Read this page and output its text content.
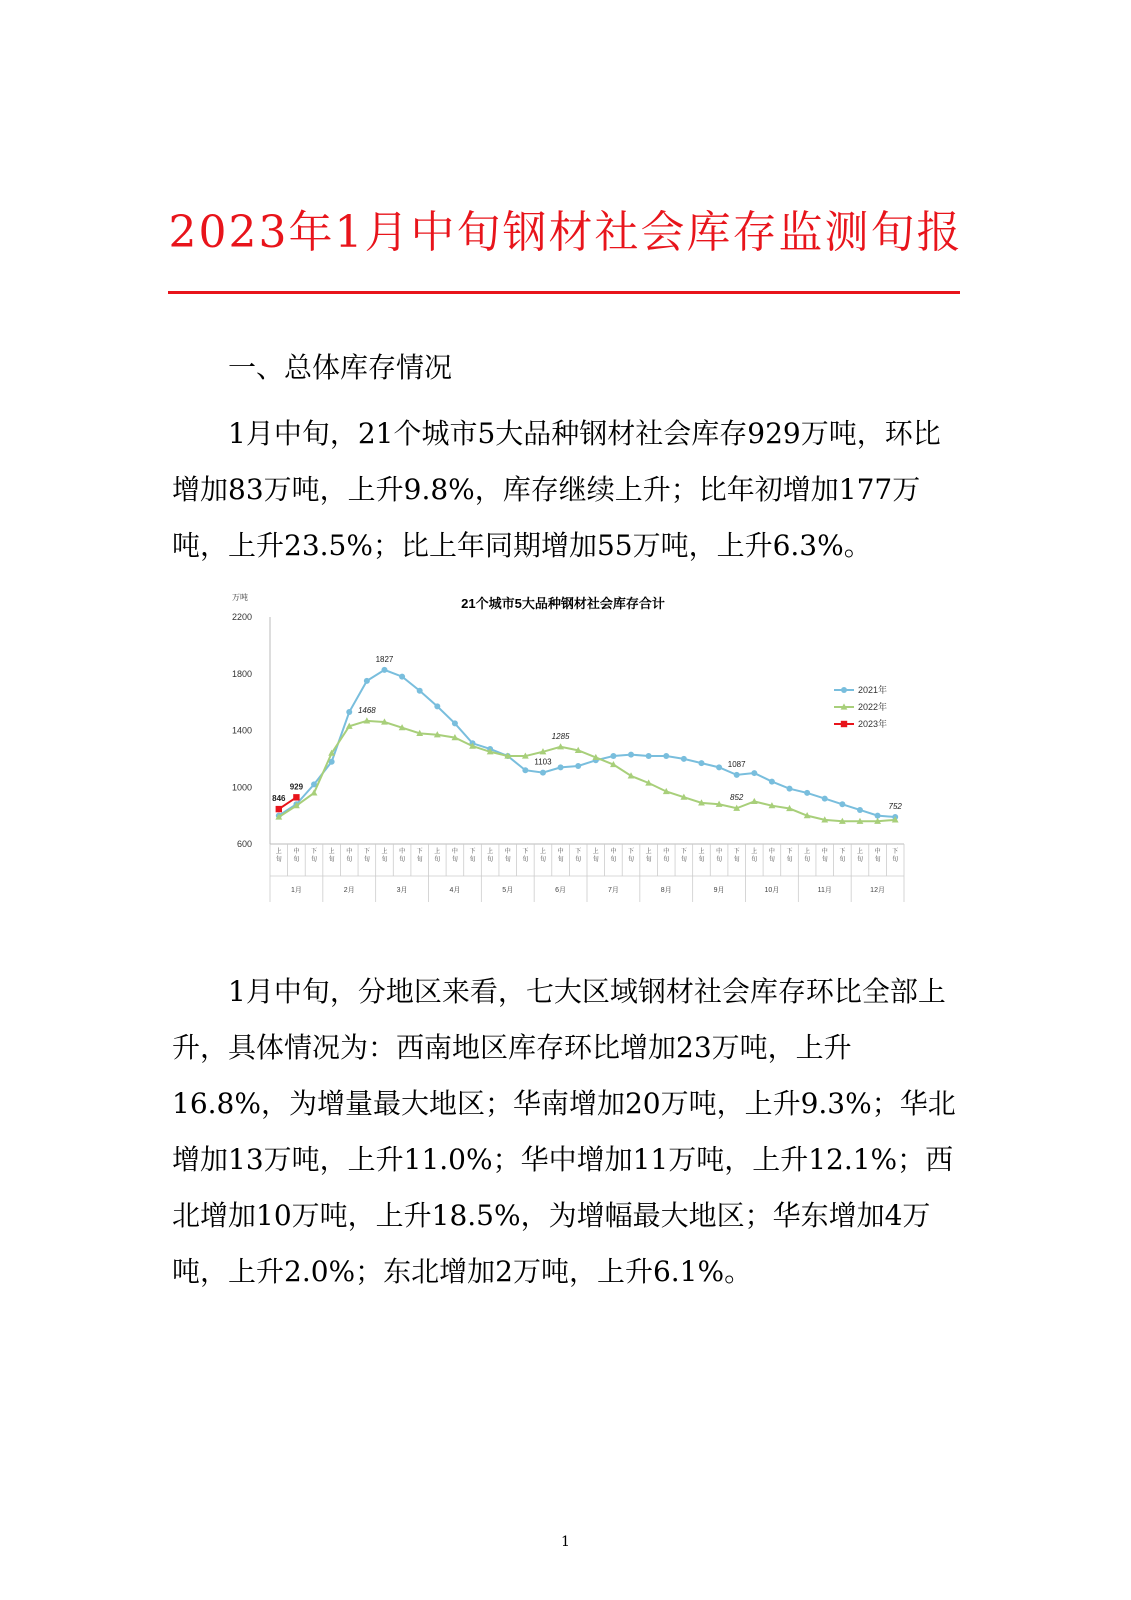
2023年1月中旬钢材社会库存监测旬报
一、总体库存情况

1月中旬，21个城市5大品种钢材社会库存929万吨，环比增加83万吨，上升9.8%，库存继续上升；比年初增加177万吨，上升23.5%；比上年同期增加55万吨，上升6.3%。

21个城市5大品种钢材社会库存合计
万吨
600
1000
1400
1800
2200
上旬
中旬
下旬
上旬
中旬
下旬
上旬
中旬
下旬
上旬
中旬
下旬
上旬
中旬
下旬
上旬
中旬
下旬
上旬
中旬
下旬
上旬
中旬
下旬
上旬
中旬
下旬
上旬
中旬
下旬
上旬
中旬
下旬
上旬
中旬
下旬
1月	2月	3月	4月	5月	6月	7月	8月	9月	10月	11月	12月
1827
1103	1087
752
1468
1285
852
846
929
2021年
2022年
2023年

1月中旬，分地区来看，七大区域钢材社会库存环比全部上升，具体情况为：西南地区库存环比增加23万吨，上升16.8%，为增量最大地区；华南增加20万吨，上升9.3%；华北增加13万吨，上升11.0%；华中增加11万吨，上升12.1%；西北增加10万吨，上升18.5%，为增幅最大地区；华东增加4万吨，上升2.0%；东北增加2万吨，上升6.1%。

1
